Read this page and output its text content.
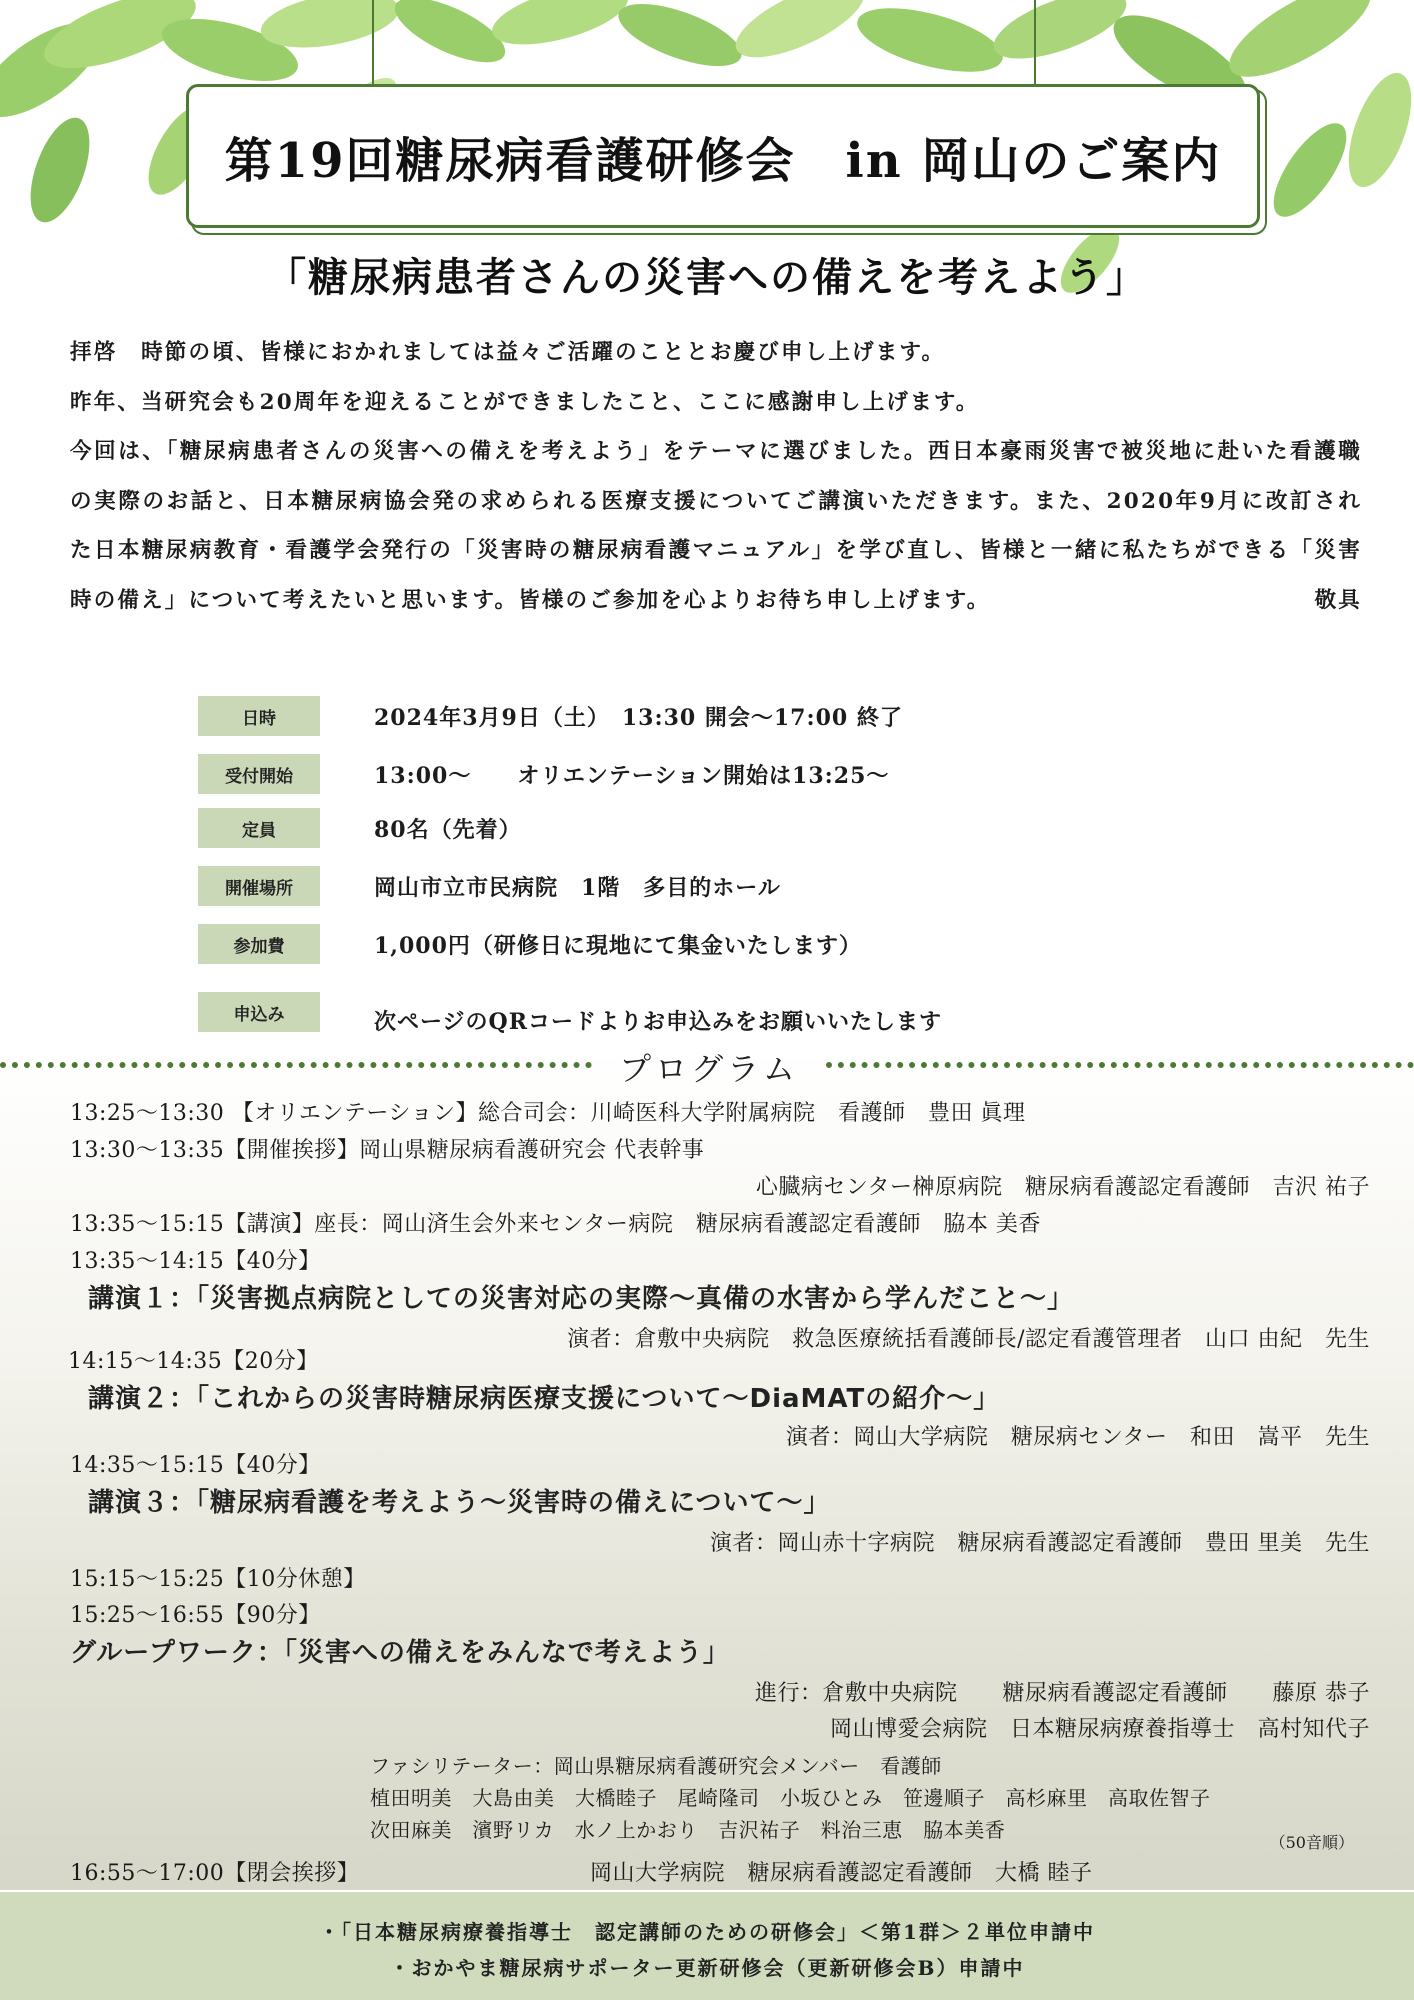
第19回糖尿病看護研修会　in 岡山のご案内
「糖尿病患者さんの災害への備えを考えよう」

拝啓　時節の頃、皆様におかれましては益々ご活躍のこととお慶び申し上げます。

昨年、当研究会も20周年を迎えることができましたこと、ここに感謝申し上げます。

今回は、「糖尿病患者さんの災害への備えを考えよう」をテーマに選びました。西日本豪雨災害で被災地に赴いた看護職の実際のお話と、日本糖尿病協会発の求められる医療支援についてご講演いただきます。また、2020年9月に改訂された日本糖尿病教育・看護学会発行の「災害時の糖尿病看護マニュアル」を学び直し、皆様と一緒に私たちができる「災害時の備え」について考えたいと思います。皆様のご参加を心よりお待ち申し上げます。	敬具

日時	2024年3月9日（土）　13:30 開会～17:00 終了
受付開始	13:00～　　オリエンテーション開始は13:25～
定員	80名（先着）
開催場所	岡山市立市民病院　1階　多目的ホール
参加費	1,000円（研修日に現地にて集金いたします）
申込み	次ページのQRコードよりお申込みをお願いいたします
プログラム
13:25～13:30 【オリエンテーション】総合司会：川崎医科大学附属病院　看護師　豊田 眞理
13:30～13:35【開催挨拶】岡山県糖尿病看護研究会 代表幹事
心臓病センター榊原病院　糖尿病看護認定看護師　吉沢 祐子
13:35～15:15【講演】座長：岡山済生会外来センター病院　糖尿病看護認定看護師　脇本 美香
13:35～14:15【40分】
講演１：「災害拠点病院としての災害対応の実際～真備の水害から学んだこと～」
演者：倉敷中央病院　救急医療統括看護師長/認定看護管理者　山口 由紀　先生
14:15～14:35【20分】
講演２：「これからの災害時糖尿病医療支援について～DiaMATの紹介～」
演者：岡山大学病院　糖尿病センター　和田　嵩平　先生
14:35～15:15【40分】
講演３：「糖尿病看護を考えよう～災害時の備えについて～」
演者：岡山赤十字病院　糖尿病看護認定看護師　豊田 里美　先生
15:15～15:25【10分休憩】
15:25～16:55【90分】
グループワーク：「災害への備えをみんなで考えよう」
進行：倉敷中央病院　　糖尿病看護認定看護師　　藤原 恭子
岡山博愛会病院　日本糖尿病療養指導士　高村知代子
ファシリテーター：岡山県糖尿病看護研究会メンバー　看護師
植田明美　大島由美　大橋睦子　尾崎隆司　小坂ひとみ　笹邊順子　高杉麻里　高取佐智子
次田麻美　濱野リカ　水ノ上かおり　吉沢祐子　料治三恵　脇本美香
（50音順）
16:55～17:00【閉会挨拶】	岡山大学病院　糖尿病看護認定看護師　大橋 睦子
・「日本糖尿病療養指導士　認定講師のための研修会」＜第1群＞２単位申請中
・おかやま糖尿病サポーター更新研修会（更新研修会B）申請中
